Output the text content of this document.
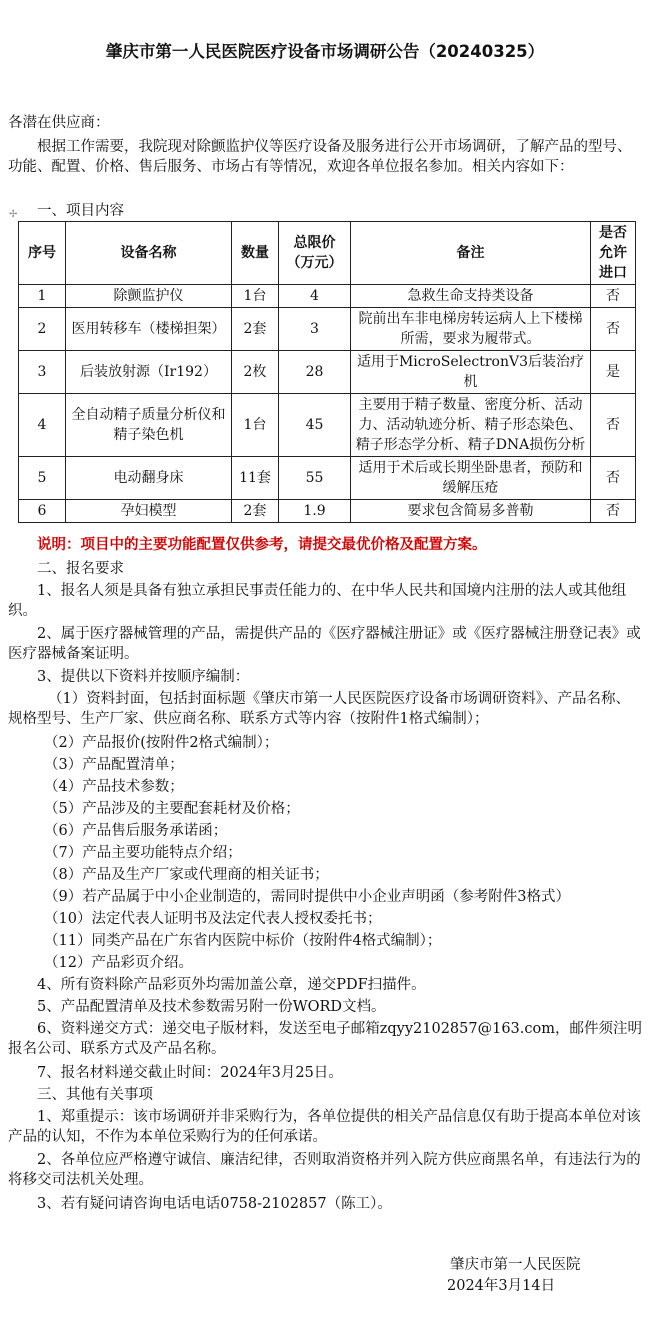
肇庆市第一人民医院医疗设备市场调研公告（20240325）
各潜在供应商：
根据工作需要，我院现对除颤监护仪等医疗设备及服务进行公开市场调研，了解产品的型号、功能、配置、价格、售后服务、市场占有等情况，欢迎各单位报名参加。相关内容如下：
✢ 一、项目内容
序号	设备名称	数量	总限价（万元）	备注	是否允许进口
1	除颤监护仪	1台	4	急救生命支持类设备	否
2	医用转移车（楼梯担架）	2套	3	院前出车非电梯房转运病人上下楼梯所需，要求为履带式。	否
3	后装放射源（Ir192）	2枚	28	适用于MicroSelectronV3后装治疗机	是
4	全自动精子质量分析仪和精子染色机	1台	45	主要用于精子数量、密度分析、活动力、活动轨迹分析、精子形态染色、精子形态学分析、精子DNA损伤分析	否
5	电动翻身床	11套	55	适用于术后或长期坐卧患者，预防和缓解压疮	否
6	孕妇模型	2套	1.9	要求包含简易多普勒	否
说明：项目中的主要功能配置仅供参考，请提交最优价格及配置方案。
二、报名要求
1、报名人须是具备有独立承担民事责任能力的、在中华人民共和国境内注册的法人或其他组织。
2、属于医疗器械管理的产品，需提供产品的《医疗器械注册证》或《医疗器械注册登记表》或医疗器械备案证明。
3、提供以下资料并按顺序编制：
（1）资料封面，包括封面标题《肇庆市第一人民医院医疗设备市场调研资料》、产品名称、规格型号、生产厂家、供应商名称、联系方式等内容（按附件1格式编制）；
（2）产品报价(按附件2格式编制）；
（3）产品配置清单；
（4）产品技术参数；
（5）产品涉及的主要配套耗材及价格；
（6）产品售后服务承诺函；
（7）产品主要功能特点介绍；
（8）产品及生产厂家或代理商的相关证书；
（9）若产品属于中小企业制造的，需同时提供中小企业声明函（参考附件3格式）
（10）法定代表人证明书及法定代表人授权委托书；
（11）同类产品在广东省内医院中标价（按附件4格式编制）；
（12）产品彩页介绍。
4、所有资料除产品彩页外均需加盖公章，递交PDF扫描件。
5、产品配置清单及技术参数需另附一份WORD文档。
6、资料递交方式：递交电子版材料，发送至电子邮箱zqyy2102857@163.com，邮件须注明报名公司、联系方式及产品名称。
7、报名材料递交截止时间：2024年3月25日。
三、其他有关事项
1、郑重提示：该市场调研并非采购行为，各单位提供的相关产品信息仅有助于提高本单位对该产品的认知，不作为本单位采购行为的任何承诺。
2、各单位应严格遵守诚信、廉洁纪律，否则取消资格并列入院方供应商黑名单，有违法行为的将移交司法机关处理。
3、若有疑问请咨询电话电话0758-2102857（陈工）。
肇庆市第一人民医院
2024年3月14日
